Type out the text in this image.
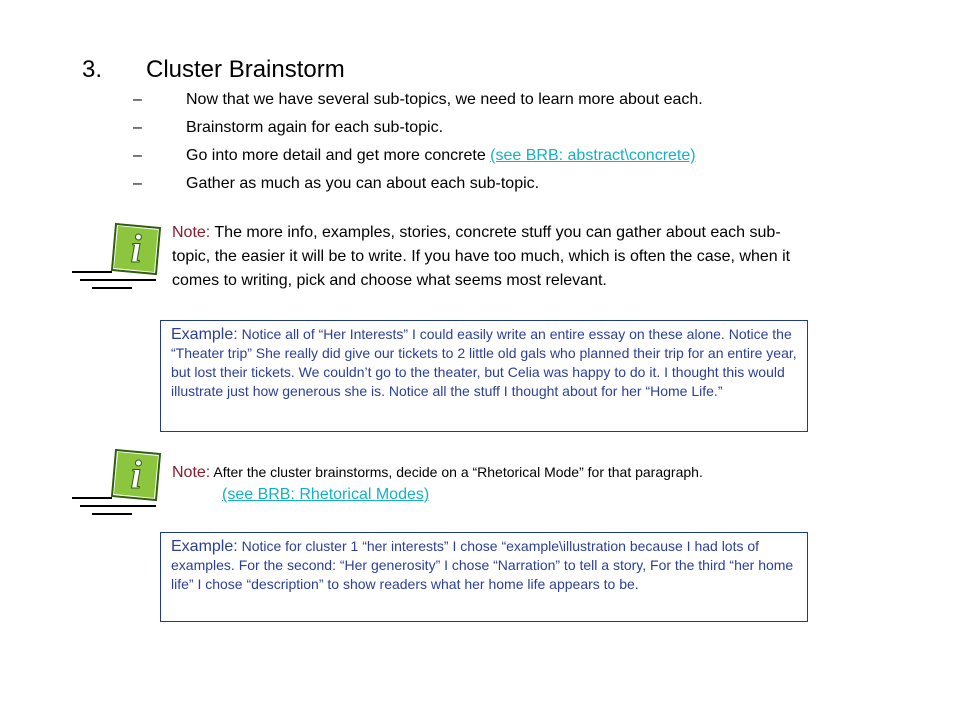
3. Cluster Brainstorm
–	Now that we have several sub-topics, we need to learn more about each.
–	Brainstorm again for each sub-topic.
–	Go into more detail and get more concrete (see BRB: abstract\concrete)
–	Gather as much as you can about each sub-topic.
i Note: The more info, examples, stories, concrete stuff you can gather about each sub-topic, the easier it will be to write. If you have too much, which is often the case, when it comes to writing, pick and choose what seems most relevant.
Example: Notice all of “Her Interests” I could easily write an entire essay on these alone. Notice the “Theater trip” She really did give our tickets to 2 little old gals who planned their trip for an entire year, but lost their tickets. We couldn’t go to the theater, but Celia was happy to do it. I thought this would illustrate just how generous she is. Notice all the stuff I thought about for her “Home Life.”
i Note: After the cluster brainstorms, decide on a “Rhetorical Mode” for that paragraph.
(see BRB: Rhetorical Modes)
Example: Notice for cluster 1 “her interests” I chose “example\illustration because I had lots of examples. For the second: “Her generosity” I chose “Narration” to tell a story, For the third “her home life” I chose “description” to show readers what her home life appears to be.
